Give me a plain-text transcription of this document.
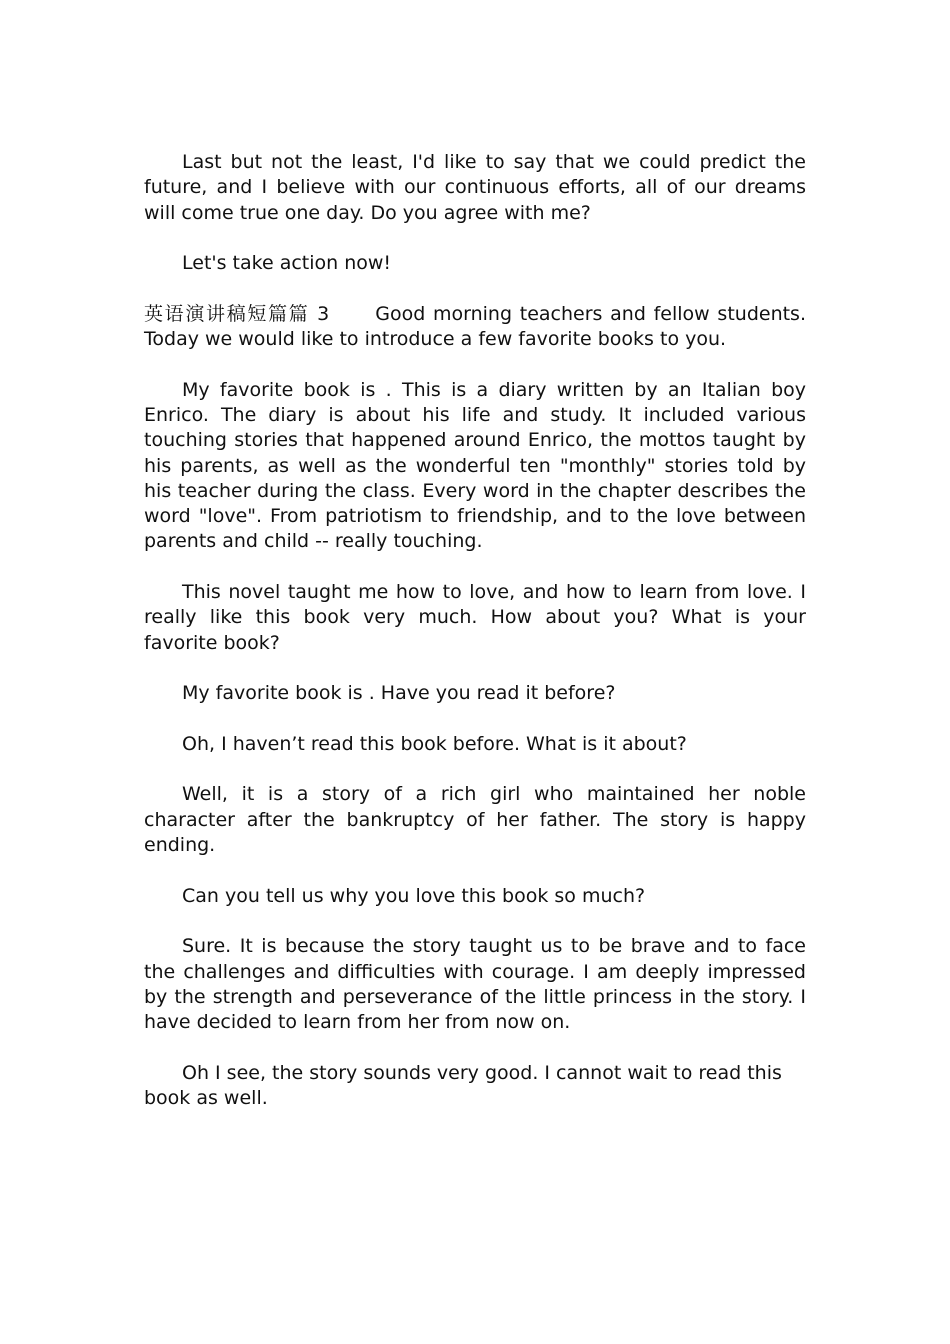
Last but not the least, I'd like to say that we could predict the future, and I believe with our continuous efforts, all of our dreams will come true one day. Do you agree with me?

Let's take action now!

英语演讲稿短篇篇 3 Good morning teachers and fellow students. Today we would like to introduce a few favorite books to you.

My favorite book is . This is a diary written by an Italian boy Enrico. The diary is about his life and study. It included various touching stories that happened around Enrico, the mottos taught by his parents, as well as the wonderful ten "monthly" stories told by his teacher during the class. Every word in the chapter describes the word "love". From patriotism to friendship, and to the love between parents and child -- really touching.

This novel taught me how to love, and how to learn from love. I really like this book very much. How about you? What is your favorite book?

My favorite book is . Have you read it before?

Oh, I haven’t read this book before. What is it about?

Well, it is a story of a rich girl who maintained her noble character after the bankruptcy of her father. The story is happy ending.

Can you tell us why you love this book so much?

Sure. It is because the story taught us to be brave and to face the challenges and difficulties with courage. I am deeply impressed by the strength and perseverance of the little princess in the story. I have decided to learn from her from now on.

Oh I see, the story sounds very good. I cannot wait to read this book as well.
